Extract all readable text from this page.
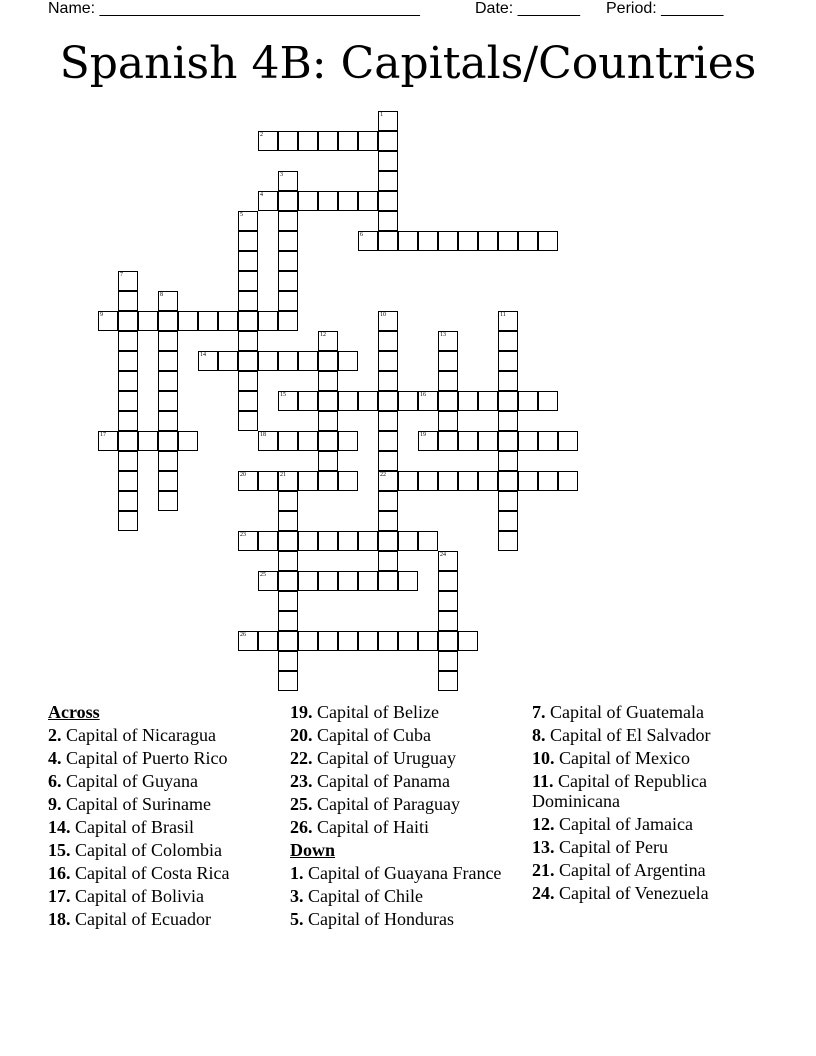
Name: ____________________________________	Date: _______ Period: _______
Spanish 4B: Capitals/Countries
1
2
3
4
5
6
7
8
9	10
22
11
12	13
14
15	16
17	18	19
20	21
23
24
25
26
Across
2. Capital of Nicaragua
4. Capital of Puerto Rico
6. Capital of Guyana
9. Capital of Suriname
14. Capital of Brasil
15. Capital of Colombia
16. Capital of Costa Rica
17. Capital of Bolivia
18. Capital of Ecuador
19. Capital of Belize
20. Capital of Cuba
22. Capital of Uruguay
23. Capital of Panama
25. Capital of Paraguay
26. Capital of Haiti
Down
1. Capital of Guayana France
3. Capital of Chile
5. Capital of Honduras
7. Capital of Guatemala
8. Capital of El Salvador
10. Capital of Mexico
11. Capital of Republica Dominicana
12. Capital of Jamaica
13. Capital of Peru
21. Capital of Argentina
24. Capital of Venezuela
